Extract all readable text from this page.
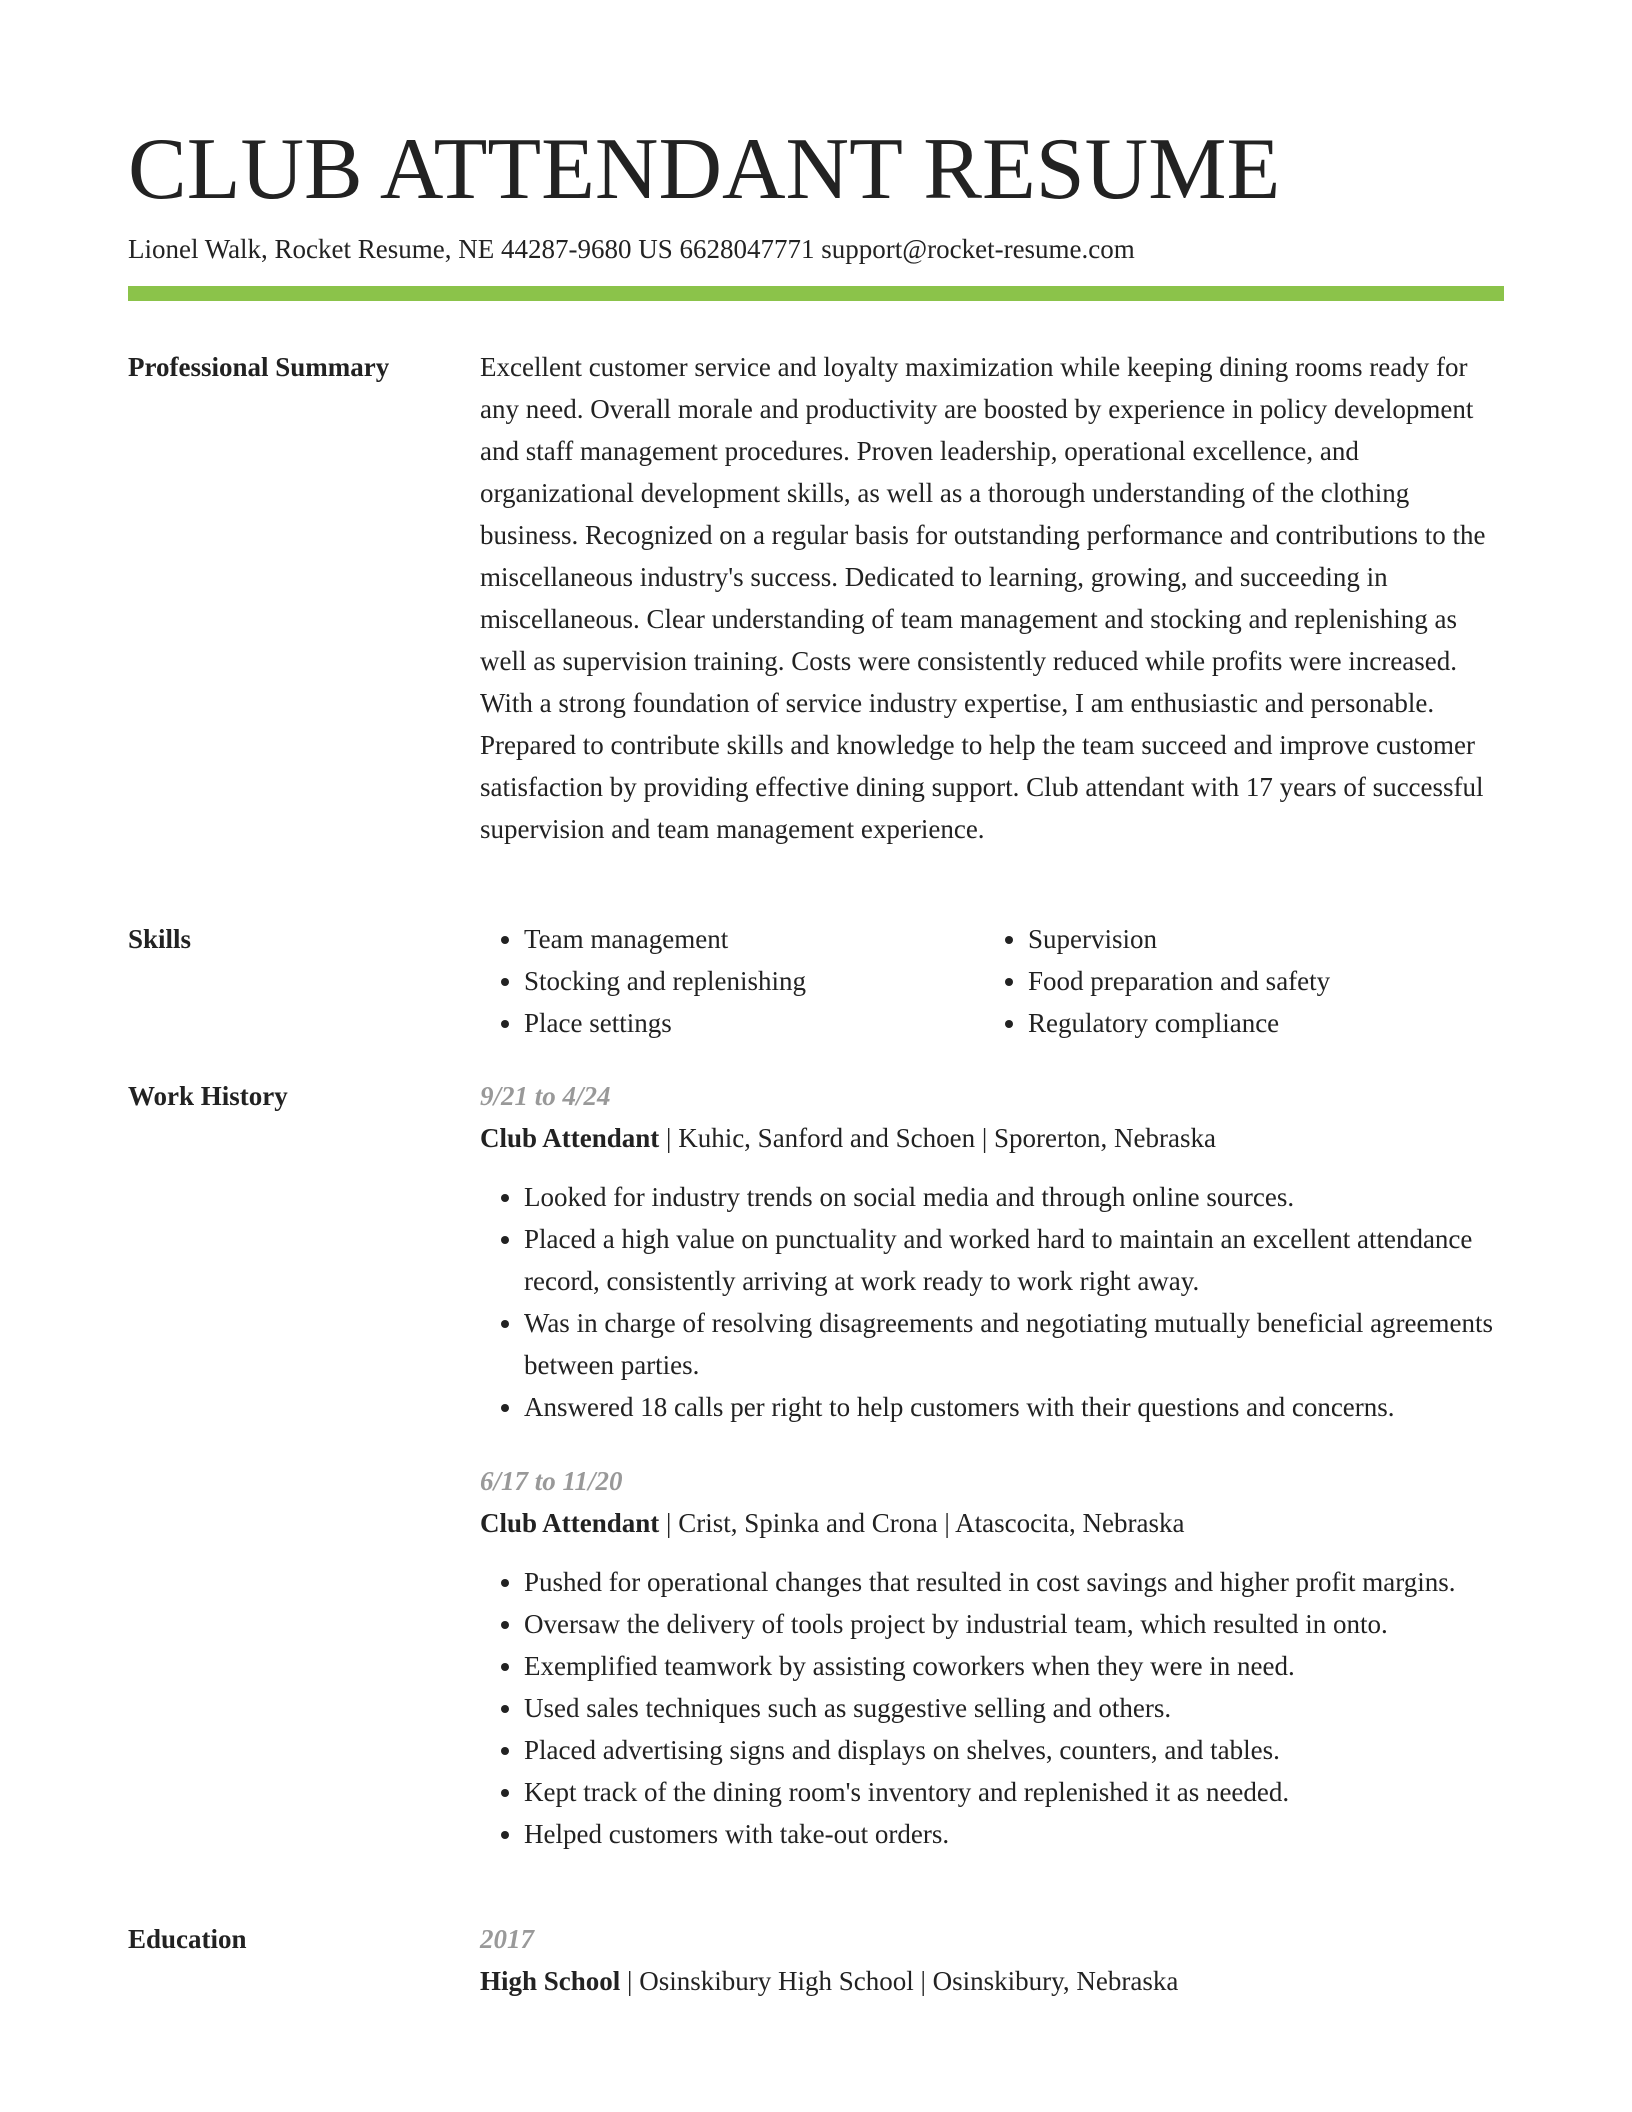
CLUB ATTENDANT RESUME
Lionel Walk, Rocket Resume, NE 44287-9680 US 6628047771 support@rocket-resume.com
Professional Summary	Excellent customer service and loyalty maximization while keeping dining rooms ready for any need. Overall morale and productivity are boosted by experience in policy development and staff management procedures. Proven leadership, operational excellence, and organizational development skills, as well as a thorough understanding of the clothing business. Recognized on a regular basis for outstanding performance and contributions to the miscellaneous industry's success. Dedicated to learning, growing, and succeeding in miscellaneous. Clear understanding of team management and stocking and replenishing as well as supervision training. Costs were consistently reduced while profits were increased. With a strong foundation of service industry expertise, I am enthusiastic and personable. Prepared to contribute skills and knowledge to help the team succeed and improve customer satisfaction by providing effective dining support. Club attendant with 17 years of successful supervision and team management experience.

Skills
•	Team management
• Stocking and replenishing
• Place settings
• Supervision
• Food preparation and safety
• Regulatory compliance
Work History	9/21 to 4/24
Club Attendant | Kuhic, Sanford and Schoen | Sporerton, Nebraska
• Looked for industry trends on social media and through online sources.
• Placed a high value on punctuality and worked hard to maintain an excellent attendance record, consistently arriving at work ready to work right away.
• Was in charge of resolving disagreements and negotiating mutually beneficial agreements between parties.
• Answered 18 calls per right to help customers with their questions and concerns.
6/17 to 11/20
Club Attendant | Crist, Spinka and Crona | Atascocita, Nebraska
• Pushed for operational changes that resulted in cost savings and higher profit margins.
• Oversaw the delivery of tools project by industrial team, which resulted in onto.
• Exemplified teamwork by assisting coworkers when they were in need.
• Used sales techniques such as suggestive selling and others.
• Placed advertising signs and displays on shelves, counters, and tables.
• Kept track of the dining room's inventory and replenished it as needed.
• Helped customers with take-out orders.
Education	2017
High School | Osinskibury High School | Osinskibury, Nebraska
